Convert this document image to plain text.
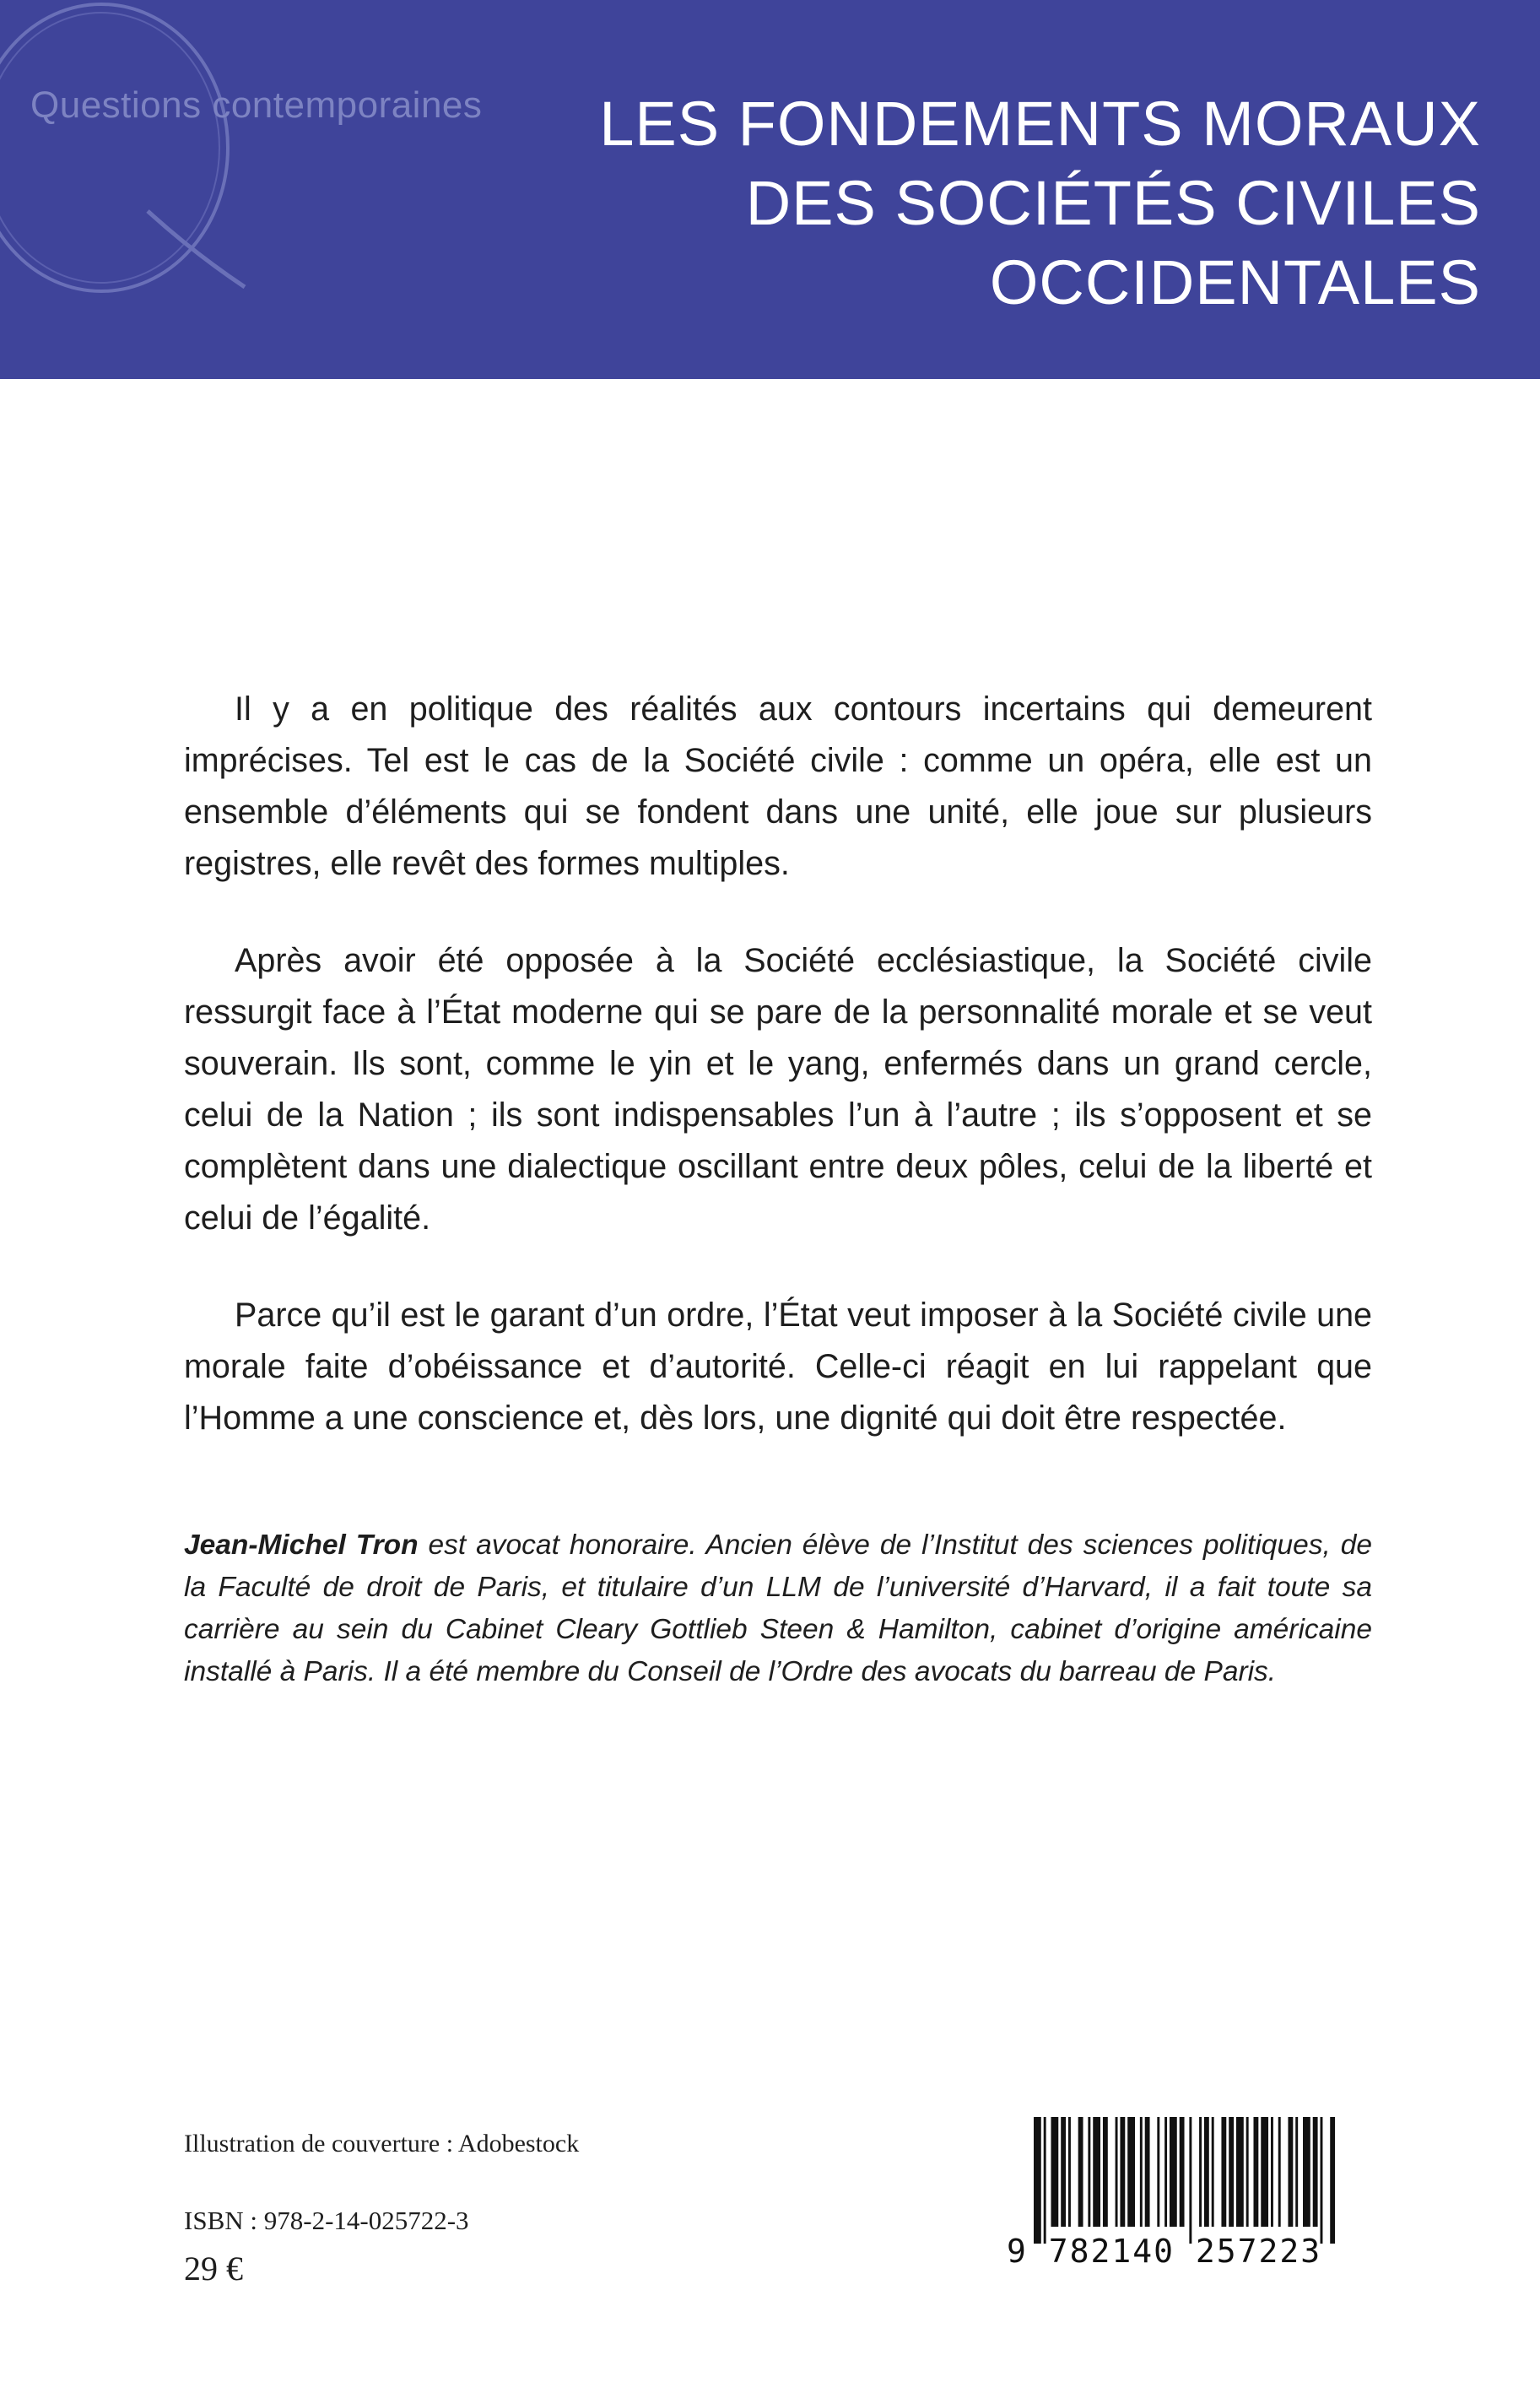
Questions contemporaines	LES FONDEMENTS MORAUX
DES SOCIÉTÉS CIVILES
OCCIDENTALES

Il y a en politique des réalités aux contours incertains qui demeurent imprécises. Tel est le cas de la Société civile : comme un opéra, elle est un ensemble d’éléments qui se fondent dans une unité, elle joue sur plusieurs registres, elle revêt des formes multiples.

Après avoir été opposée à la Société ecclésiastique, la Société civile ressurgit face à l’État moderne qui se pare de la personnalité morale et se veut souverain. Ils sont, comme le yin et le yang, enfermés dans un grand cercle, celui de la Nation ; ils sont indispensables l’un à l’autre ; ils s’opposent et se complètent dans une dialectique oscillant entre deux pôles, celui de la liberté et celui de l’égalité.

Parce qu’il est le garant d’un ordre, l’État veut imposer à la Société civile une morale faite d’obéissance et d’autorité. Celle-ci réagit en lui rappelant que l’Homme a une conscience et, dès lors, une dignité qui doit être respectée.

Jean-Michel Tron est avocat honoraire. Ancien élève de l’Institut des sciences politiques, de la Faculté de droit de Paris, et titulaire d’un LLM de l’université d’Harvard, il a fait toute sa carrière au sein du Cabinet Cleary Gottlieb Steen & Hamilton, cabinet d’origine américaine installé à Paris. Il a été membre du Conseil de l’Ordre des avocats du barreau de Paris.
Illustration de couverture : Adobestock
ISBN : 978-2-14-025722-3
29 €	9 782140 257223
